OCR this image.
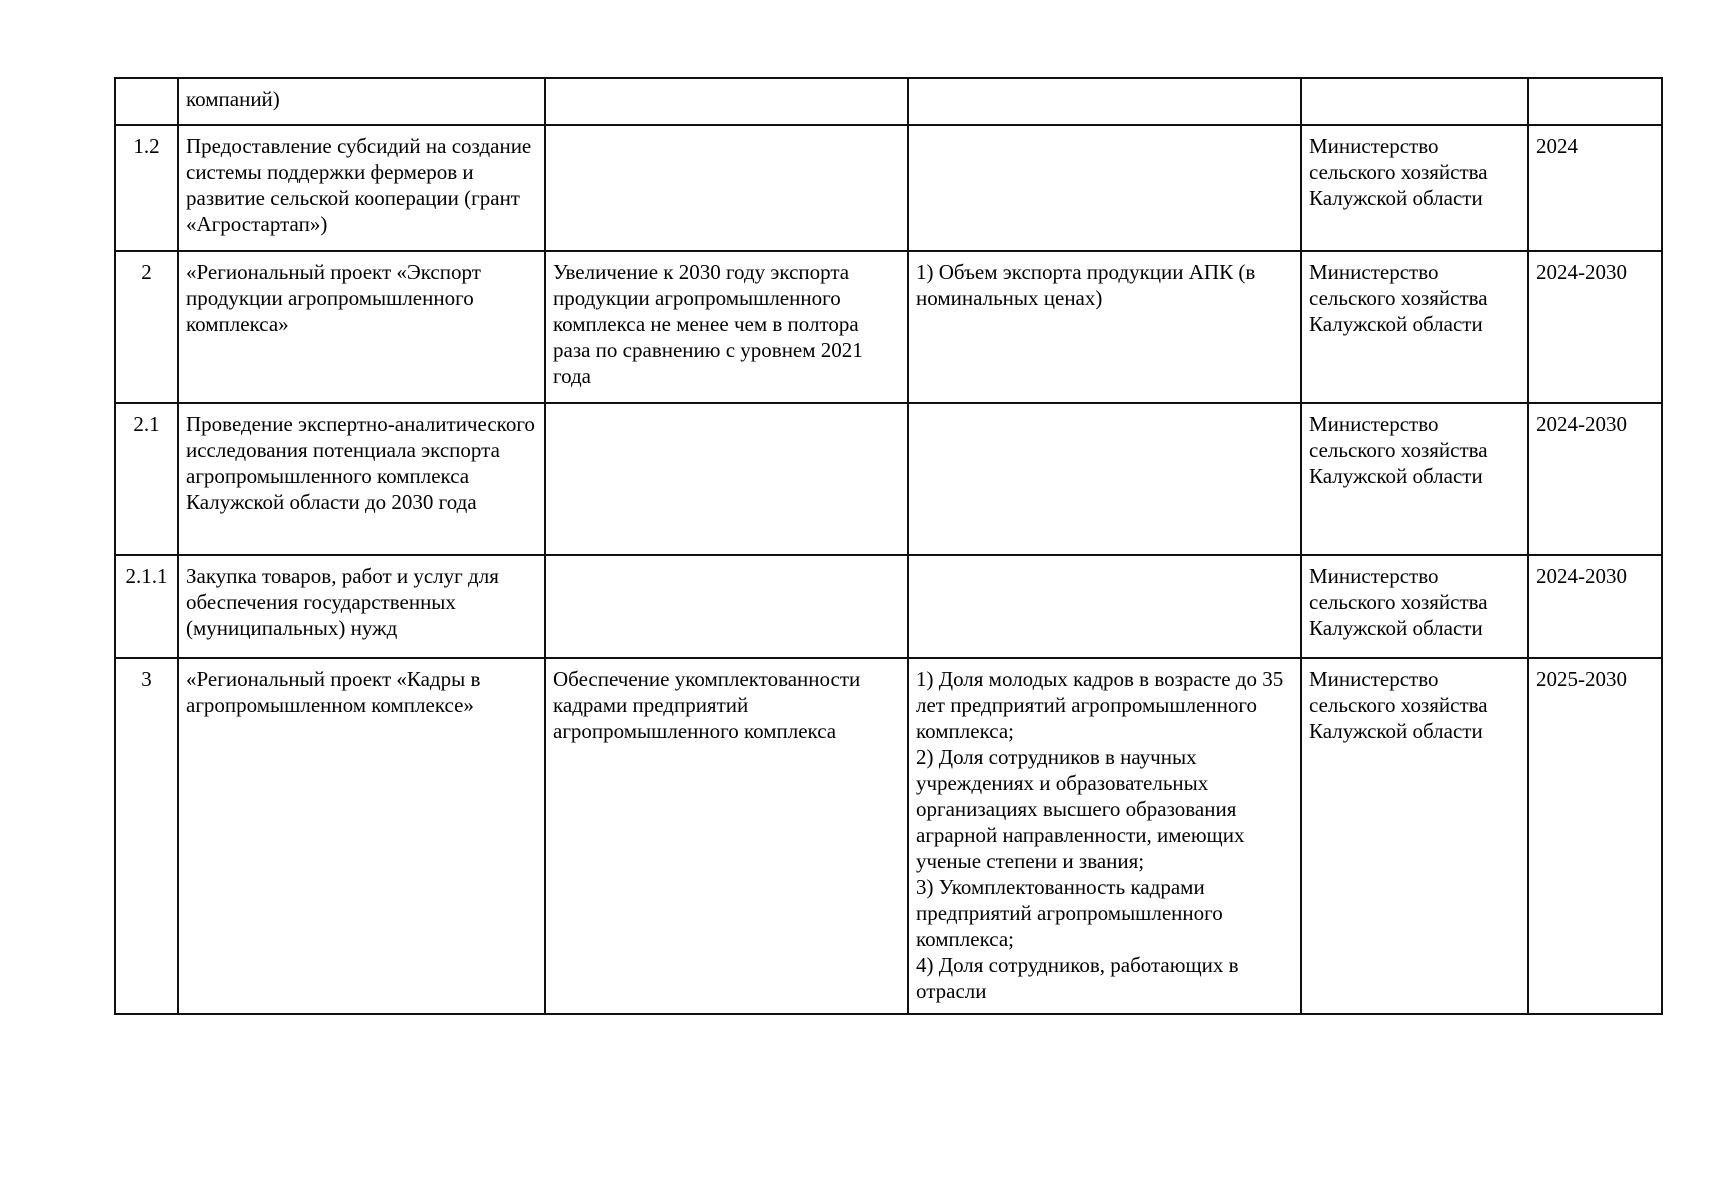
	компаний)				
1.2	Предоставление субсидий на создание системы поддержки фермеров и развитие сельской кооперации (грант «Агростартап»)			Министерство сельского хозяйства Калужской области	2024
2	«Региональный проект «Экспорт продукции агропромышленного комплекса»	Увеличение к 2030 году экспорта продукции агропромышленного комплекса не менее чем в полтора раза по сравнению с уровнем 2021 года	1) Объем экспорта продукции АПК (в номинальных ценах)	Министерство сельского хозяйства Калужской области	2024-2030
2.1	Проведение экспертно-аналитического исследования потенциала экспорта агропромышленного комплекса Калужской области до 2030 года			Министерство сельского хозяйства Калужской области	2024-2030
2.1.1	Закупка товаров, работ и услуг для обеспечения государственных (муниципальных) нужд			Министерство сельского хозяйства Калужской области	2024-2030
3	«Региональный проект «Кадры в агропромышленном комплексе»	Обеспечение укомплектованности кадрами предприятий агропромышленного комплекса	1) Доля молодых кадров в возрасте до 35 лет предприятий агропромышленного комплекса;
2) Доля сотрудников в научных учреждениях и образовательных организациях высшего образования аграрной направленности, имеющих ученые степени и звания;
3) Укомплектованность кадрами предприятий агропромышленного комплекса;
4) Доля сотрудников, работающих в отрасли	Министерство сельского хозяйства Калужской области	2025-2030
